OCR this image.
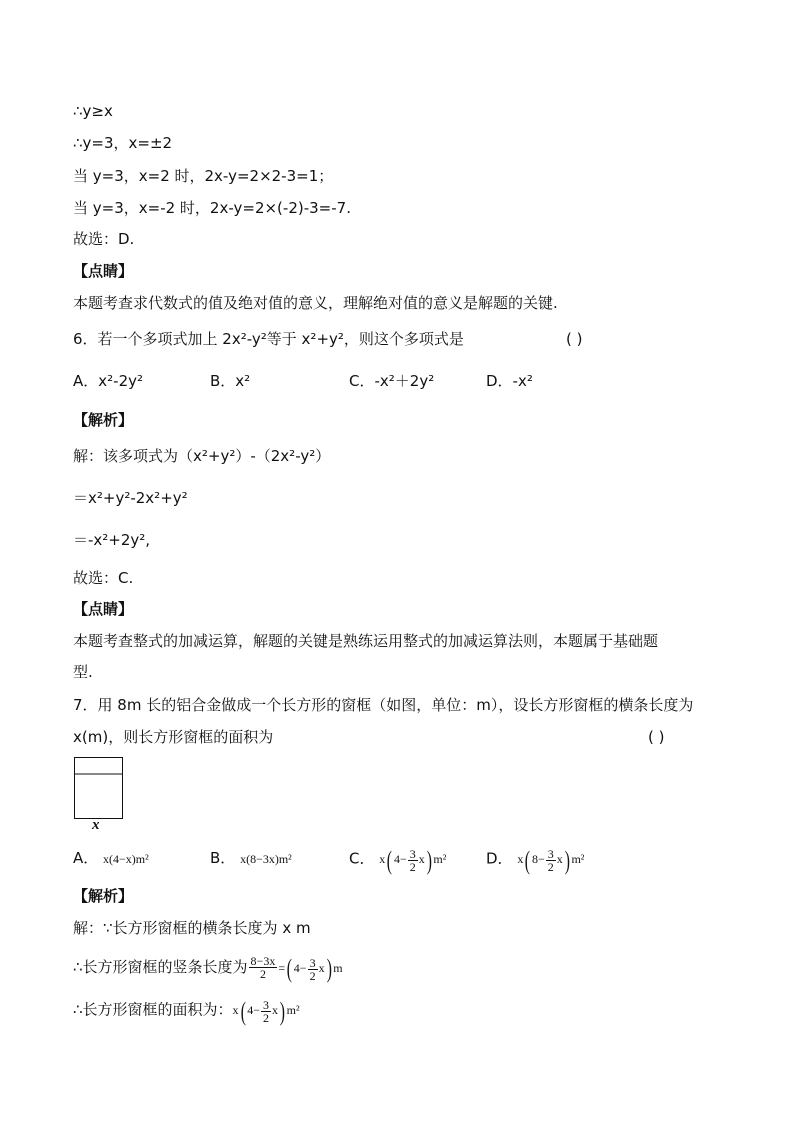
∴y≥x
∴y=3，x=±2
当 y=3，x=2 时，2x-y=2×2-3=1；
当 y=3，x=-2 时，2x-y=2×(-2)-3=-7.
故选：D.
【点睛】
本题考查求代数式的值及绝对值的意义，理解绝对值的意义是解题的关键.
6．若一个多项式加上 2x²-y²等于 x²+y²，则这个多项式是	( )
A．x²-2y²	B．x²	C．-x²＋2y²	D．-x²
【解析】
解：该多项式为（x²+y²）-（2x²-y²）
＝x²+y²-2x²+y²
＝-x²+2y²,
故选：C.
【点睛】
本题考查整式的加减运算，解题的关键是熟练运用整式的加减运算法则，本题属于基础题
型.
7．用 8m 长的铝合金做成一个长方形的窗框（如图，单位：m），设长方形窗框的横条长度为
x(m)，则长方形窗框的面积为	( )
x
A． x(4−x)m²	B． x(8−3x)m²	C． x( $4- \frac{3}{2} x$) m²	D． x( $8- \frac{3}{2} x$) m²
【解析】
解：∵长方形窗框的横条长度为 x m
∴长方形窗框的竖条长度为 $\frac{8-3x}{2}$ =( $4- \frac{3}{2} x$) m
∴长方形窗框的面积为：x( $4- \frac{3}{2} x$) m²
